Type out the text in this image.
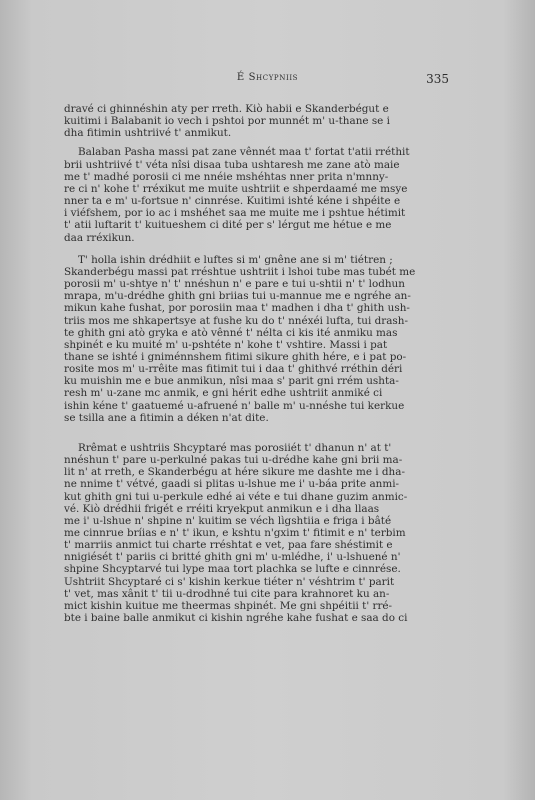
É Shcypniis	335

dravé ci ghinnéshin aty per rreth. Kiò habii e Skanderbégut e
kuitimi i Balabanit io vech i pshtoi por munnét m' u-thane se i
dha fitimin ushtriivé t' anmikut.

Balaban Pasha massi pat zane vênnét maa t' fortat t'atii rréthit
brii ushtriivé t' véta nîsi disaa tuba ushtaresh me zane atò maie
me t' madhé porosii ci me nnéie mshéhtas nner prita n'mnny-
re ci n' kohe t' rréxikut me muite ushtriit e shperdaamé me msye
nner ta e m' u-fortsue n' cinnrése. Kuitimi ishté kéne i shpéite e
i viéfshem, por io ac i mshéhet saa me muite me i pshtue hétimit
t' atii luftarit t' kuitueshem ci dité per s' lérgut me hétue e me
daa rréxikun.

T' holla ishin drédhiit e luftes si m' gnêne ane si m' tiétren ;
Skanderbégu massi pat rréshtue ushtriit i lshoi tube mas tubét me
porosii m' u-shtye n' t' nnéshun n' e pare e tui u-shtii n' t' lodhun
mrapa, m'u-drédhe ghith gni briias tui u-mannue me e ngréhe an-
mikun kahe fushat, por porosiin maa t' madhen i dha t' ghith ush-
triis mos me shkapertsye at fushe ku do t' nnéxéi lufta, tui drash-
te ghith gni atò gryka e atò vênné t' nélta ci kis ité anmiku mas
shpinét e ku muité m' u-pshtéte n' kohe t' vshtire. Massi i pat
thane se ishté i gniménnshem fitimi sikure ghith hére, e i pat po-
rosite mos m' u-rrêite mas fitimit tui i daa t' ghithvé rréthin déri
ku muishin me e bue anmikun, nîsi maa s' parit gni rrém ushta-
resh m' u-zane mc anmik, e gni hérit edhe ushtriit anmiké ci
ishin kéne t' gaatuemé u-afruené n' balle m' u-nnéshe tui kerkue
se tsilla ane a fitimin a déken n'at dite.

Rrêmat e ushtriis Shcyptaré mas porosiiét t' dhanun n' at t'
nnéshun t' pare u-perkulné pakas tui u-drédhe kahe gni brii ma-
lit n' at rreth, e Skanderbégu at hére sikure me dashte me i dha-
ne nnime t' vétvé, gaadi si plitas u-lshue me i' u-báa prite anmi-
kut ghith gni tui u-perkule edhé ai véte e tui dhane guzim anmic-
vé. Kiò drédhii frigét e rréiti kryekput anmikun e i dha llaas
me i' u-lshue n' shpine n' kuitim se véch lìgshtiia e friga i bâté
me cinnrue bríias e n' t' ikun, e kshtu n'gxim t' fitimit e n' terbim
t' marriis anmict tui charte rréshtat e vet, paa fare shéstimit e
nnigiését t' pariis ci britté ghith gni m' u-mlédhe, i' u-lshuené n'
shpine Shcyptarvé tui lype maa tort plachka se lufte e cinnrése.
Ushtriit Shcyptaré ci s' kishin kerkue tiéter n' véshtrim t' parit
t' vet, mas xânit t' tii u-drodhné tui cite para krahnoret ku an-
mict kishin kuitue me theermas shpinét. Me gni shpéitii t' rré-
bte i baine balle anmikut ci kishin ngréhe kahe fushat e saa do ci
